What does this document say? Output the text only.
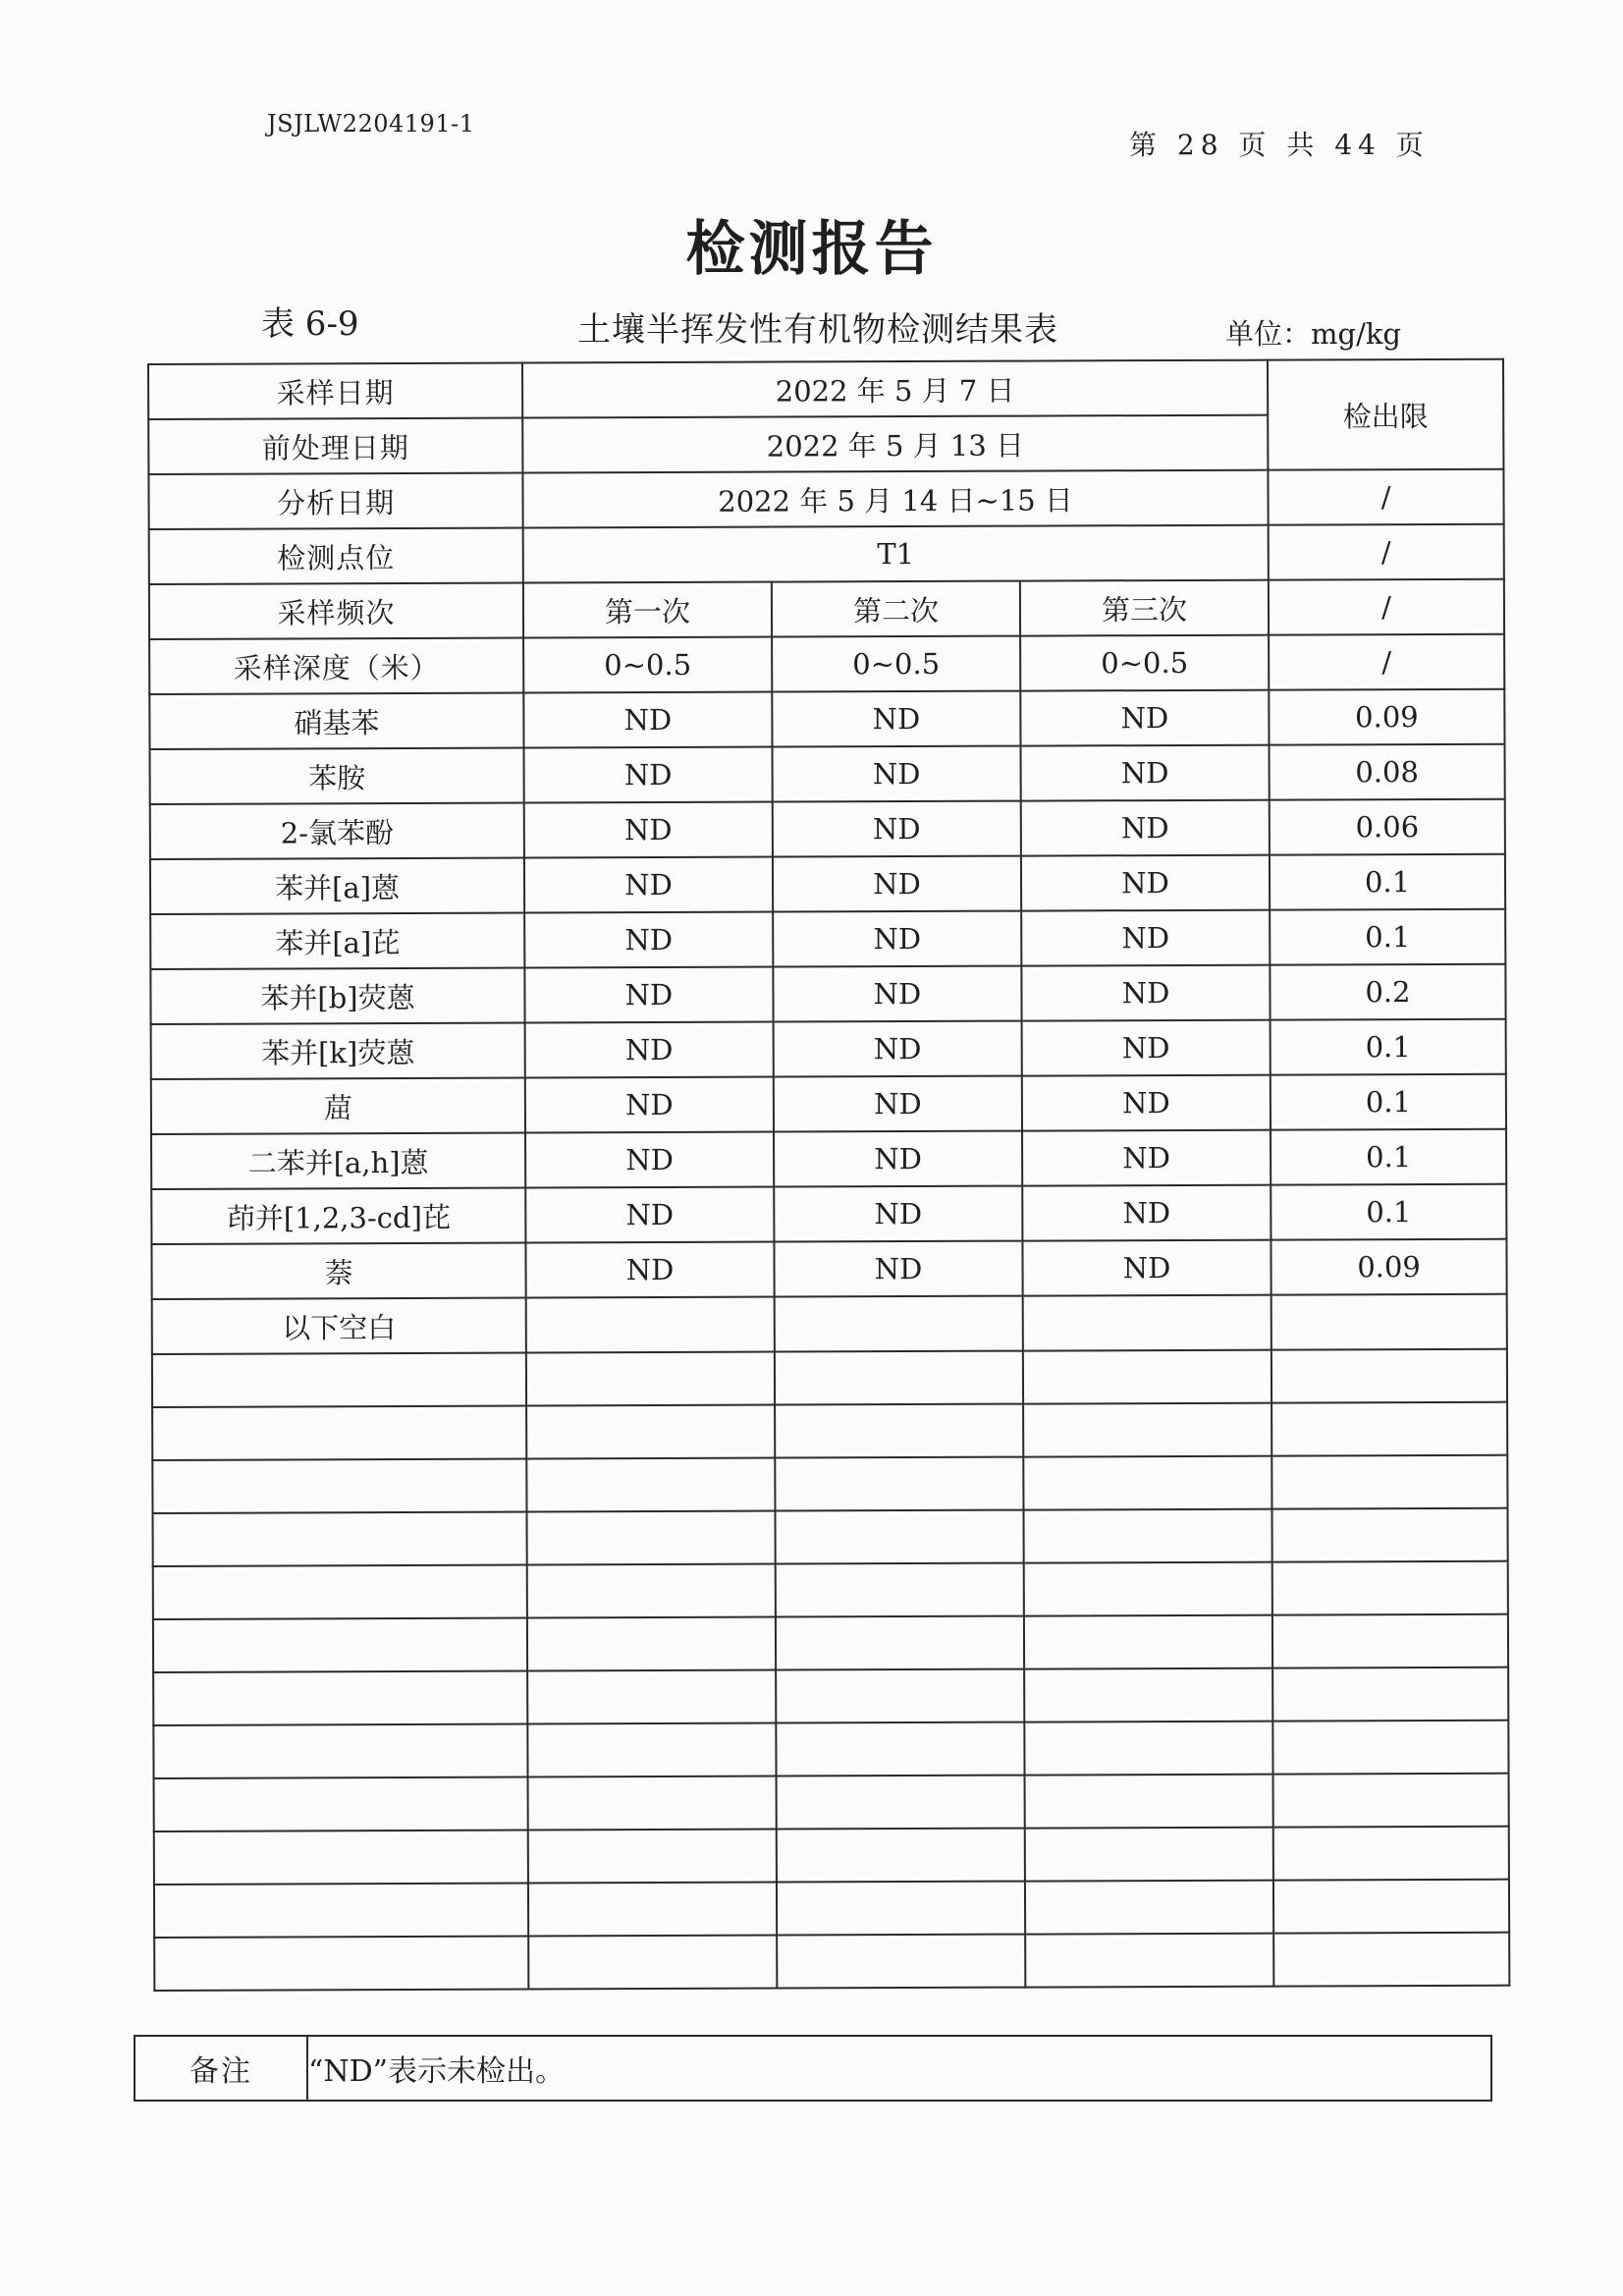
JSJLW2204191-1
第 28 页 共 44 页
检测报告
表 6-9	土壤半挥发性有机物检测结果表	单位：mg/kg
采样日期	2022 年 5 月 7 日			检出限
前处理日期	2022 年 5 月 13 日			
分析日期	2022 年 5 月 14 日~15 日			/
检测点位	T1			/
采样频次	第一次	第二次	第三次	/
采样深度（米）	0~0.5	0~0.5	0~0.5	/
硝基苯	ND	ND	ND	0.09
苯胺	ND	ND	ND	0.08
2-氯苯酚	ND	ND	ND	0.06
苯并[a]蒽	ND	ND	ND	0.1
苯并[a]芘	ND	ND	ND	0.1
苯并[b]荧蒽	ND	ND	ND	0.2
苯并[k]荧蒽	ND	ND	ND	0.1
䓛	ND	ND	ND	0.1
二苯并[a,h]蒽	ND	ND	ND	0.1
茚并[1,2,3-cd]芘	ND	ND	ND	0.1
萘	ND	ND	ND	0.09
以下空白				

备注	“ND”表示未检出。
